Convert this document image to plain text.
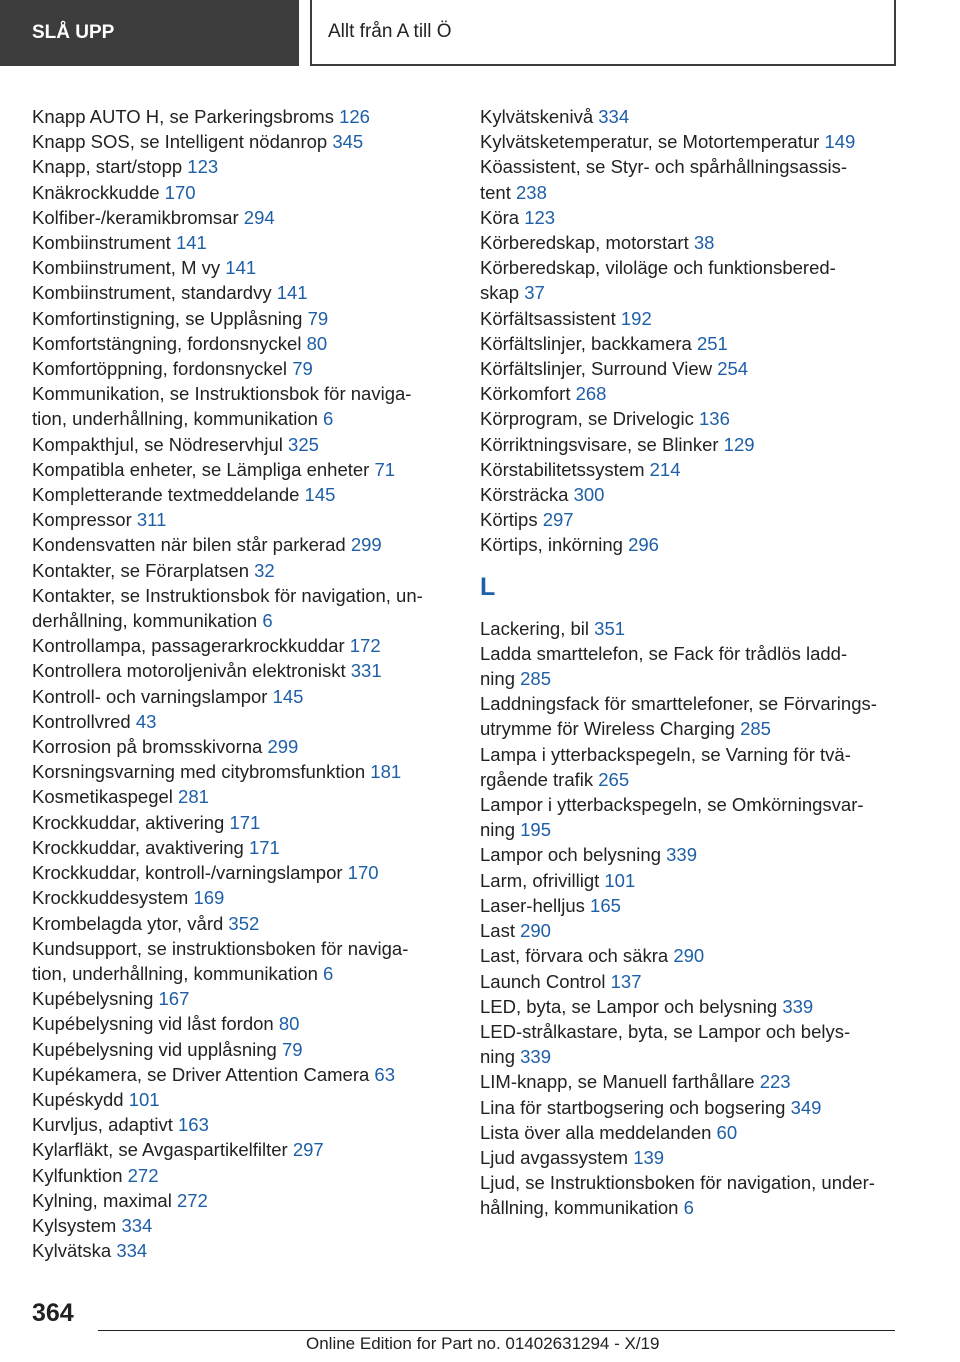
SLÅ UPP	Allt från A till Ö
Knapp AUTO H, se Parkeringsbroms 126
Knapp SOS, se Intelligent nödanrop 345
Knapp, start/stopp 123
Knäkrockkudde 170
Kolfiber-/keramikbromsar 294
Kombiinstrument 141
Kombiinstrument, M vy 141
Kombiinstrument, standardvy 141
Komfortinstigning, se Upplåsning 79
Komfortstängning, fordonsnyckel 80
Komfortöppning, fordonsnyckel 79
Kommunikation, se Instruktionsbok för naviga-
tion, underhållning, kommunikation 6
Kompakthjul, se Nödreservhjul 325
Kompatibla enheter, se Lämpliga enheter 71
Kompletterande textmeddelande 145
Kompressor 311
Kondensvatten när bilen står parkerad 299
Kontakter, se Förarplatsen 32
Kontakter, se Instruktionsbok för navigation, un-
derhållning, kommunikation 6
Kontrollampa, passagerarkrockkuddar 172
Kontrollera motoroljenivån elektroniskt 331
Kontroll- och varningslampor 145
Kontrollvred 43
Korrosion på bromsskivorna 299
Korsningsvarning med citybromsfunktion 181
Kosmetikaspegel 281
Krockkuddar, aktivering 171
Krockkuddar, avaktivering 171
Krockkuddar, kontroll-/varningslampor 170
Krockkuddesystem 169
Krombelagda ytor, vård 352
Kundsupport, se instruktionsboken för naviga-
tion, underhållning, kommunikation 6
Kupébelysning 167
Kupébelysning vid låst fordon 80
Kupébelysning vid upplåsning 79
Kupékamera, se Driver Attention Camera 63
Kupéskydd 101
Kurvljus, adaptivt 163
Kylarfläkt, se Avgaspartikelfilter 297
Kylfunktion 272
Kylning, maximal 272
Kylsystem 334
Kylvätska 334
Kylvätskenivå 334
Kylvätsketemperatur, se Motortemperatur 149
Köassistent, se Styr- och spårhållningsassis-
tent 238
Köra 123
Körberedskap, motorstart 38
Körberedskap, viloläge och funktionsbered-
skap 37
Körfältsassistent 192
Körfältslinjer, backkamera 251
Körfältslinjer, Surround View 254
Körkomfort 268
Körprogram, se Drivelogic 136
Körriktningsvisare, se Blinker 129
Körstabilitetssystem 214
Körsträcka 300
Körtips 297
Körtips, inkörning 296
L
Lackering, bil 351
Ladda smarttelefon, se Fack för trådlös ladd-
ning 285
Laddningsfack för smarttelefoner, se Förvarings-
utrymme för Wireless Charging 285
Lampa i ytterbackspegeln, se Varning för tvä-
rgående trafik 265
Lampor i ytterbackspegeln, se Omkörningsvar-
ning 195
Lampor och belysning 339
Larm, ofrivilligt 101
Laser-helljus 165
Last 290
Last, förvara och säkra 290
Launch Control 137
LED, byta, se Lampor och belysning 339
LED-strålkastare, byta, se Lampor och belys-
ning 339
LIM-knapp, se Manuell farthållare 223
Lina för startbogsering och bogsering 349
Lista över alla meddelanden 60
Ljud avgassystem 139
Ljud, se Instruktionsboken för navigation, under-
hållning, kommunikation 6
364
Online Edition for Part no. 01402631294 - X/19
